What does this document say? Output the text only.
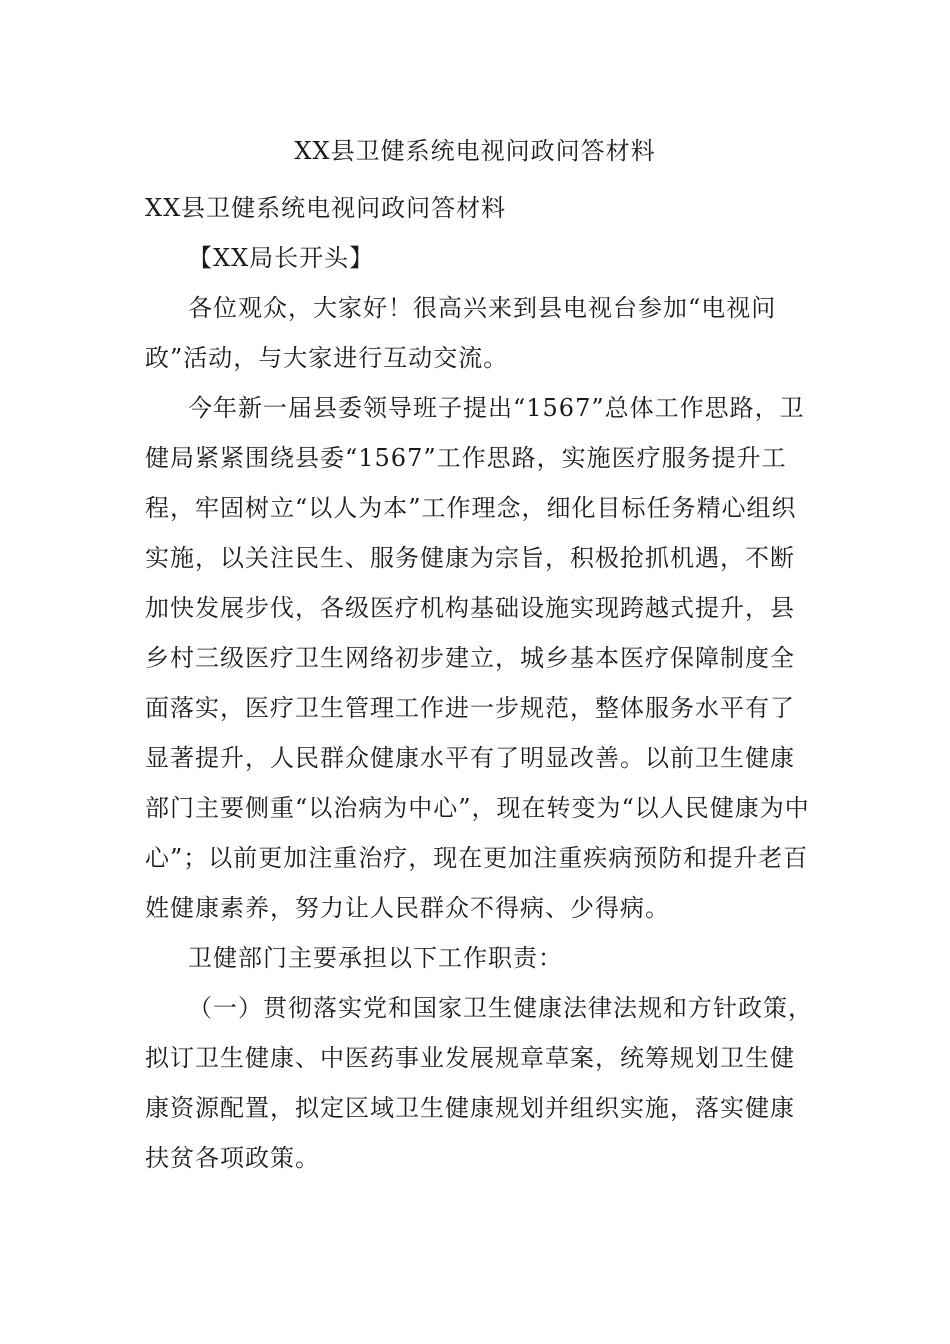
XX县卫健系统电视问政问答材料

XX县卫健系统电视问政问答材料

【XX局长开头】

各位观众，大家好！很高兴来到县电视台参加“电视问政”活动，与大家进行互动交流。

今年新一届县委领导班子提出“1567”总体工作思路，卫健局紧紧围绕县委“1567”工作思路，实施医疗服务提升工程，牢固树立“以人为本”工作理念，细化目标任务精心组织实施，以关注民生、服务健康为宗旨，积极抢抓机遇，不断加快发展步伐，各级医疗机构基础设施实现跨越式提升，县乡村三级医疗卫生网络初步建立，城乡基本医疗保障制度全面落实，医疗卫生管理工作进一步规范，整体服务水平有了显著提升，人民群众健康水平有了明显改善。以前卫生健康部门主要侧重“以治病为中心”，现在转变为“以人民健康为中心”；以前更加注重治疗，现在更加注重疾病预防和提升老百姓健康素养，努力让人民群众不得病、少得病。

卫健部门主要承担以下工作职责：

（一）贯彻落实党和国家卫生健康法律法规和方针政策，拟订卫生健康、中医药事业发展规章草案，统筹规划卫生健康资源配置，拟定区域卫生健康规划并组织实施，落实健康扶贫各项政策。
